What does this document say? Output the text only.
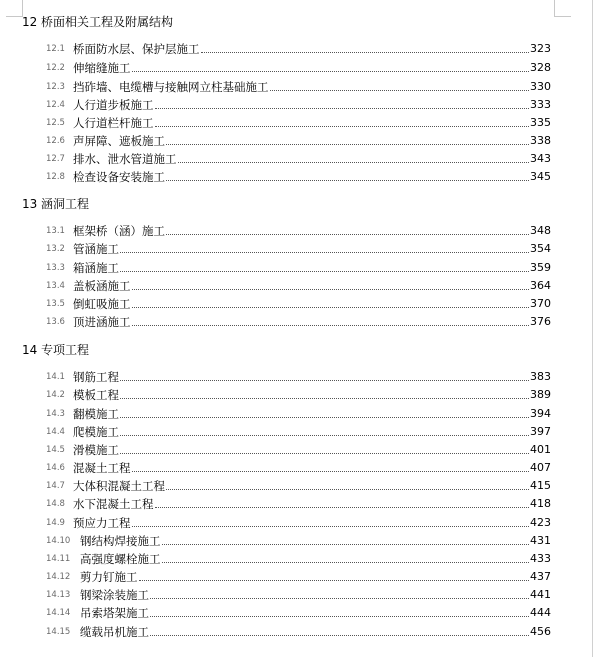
12 桥面相关工程及附属结构
12.1 桥面防水层、保护层施工	323
12.2 伸缩缝施工	328
12.3 挡砟墙、电缆槽与接触网立柱基础施工	330
12.4 人行道步板施工	333
12.5 人行道栏杆施工	335
12.6 声屏障、遮板施工	338
12.7 排水、泄水管道施工	343
12.8 检查设备安装施工	345
13 涵洞工程
13.1 框架桥（涵）施工	348
13.2 管涵施工	354
13.3 箱涵施工	359
13.4 盖板涵施工	364
13.5 倒虹吸施工	370
13.6 顶进涵施工	376
14 专项工程
14.1 钢筋工程	383
14.2 模板工程	389
14.3 翻模施工	394
14.4 爬模施工	397
14.5 滑模施工	401
14.6 混凝土工程	407
14.7 大体积混凝土工程	415
14.8 水下混凝土工程	418
14.9 预应力工程	423
14.10 钢结构焊接施工	431
14.11 高强度螺栓施工	433
14.12 剪力钉施工	437
14.13 钢梁涂装施工	441
14.14 吊索塔架施工	444
14.15 缆载吊机施工	456
